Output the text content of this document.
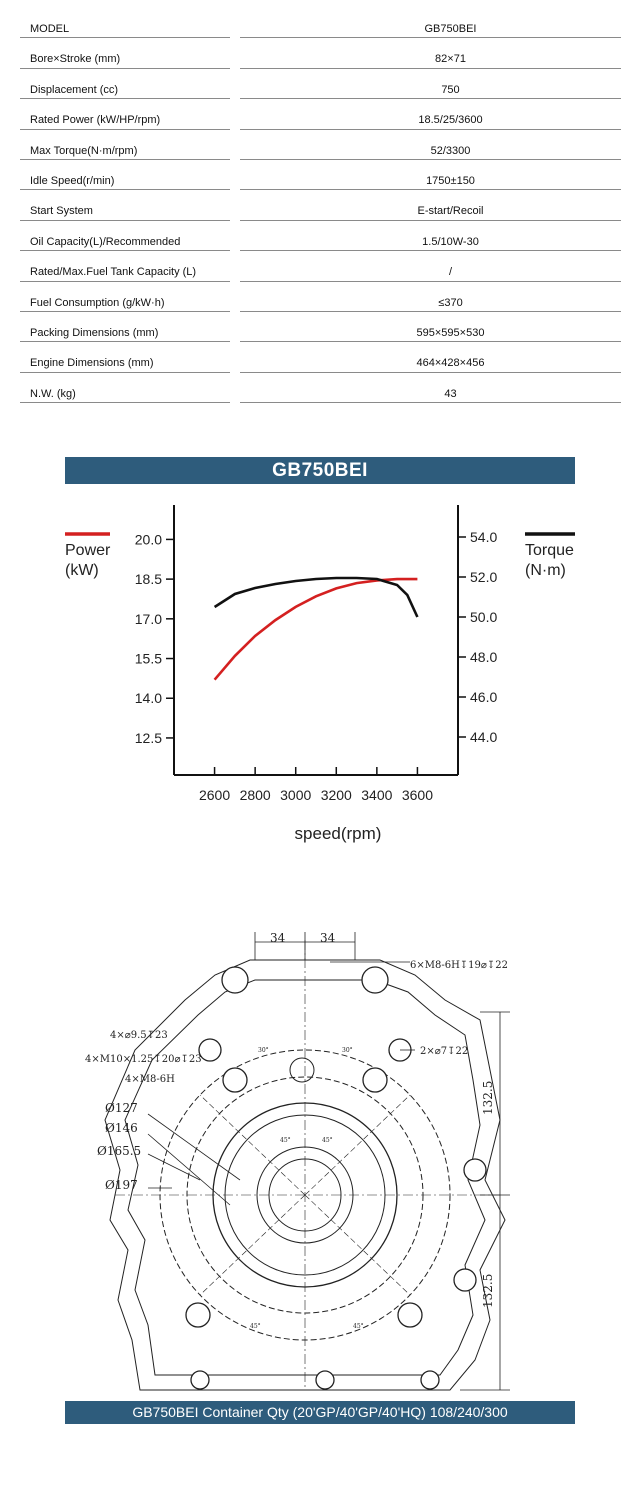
MODEL	GB750BEI
Bore×Stroke (mm)	82×71
Displacement (cc)	750
Rated Power (kW/HP/rpm)	18.5/25/3600
Max Torque(N·m/rpm)	52/3300
Idle Speed(r/min)	1750±150
Start System	E-start/Recoil
Oil Capacity(L)/Recommended	1.5/10W-30
Rated/Max.Fuel Tank Capacity (L)	/
Fuel Consumption (g/kW·h)	≤370
Packing Dimensions (mm)	595×595×530
Engine Dimensions (mm)	464×428×456
N.W. (kg)	43
GB750BEI
20.0
18.5
17.0
15.5
14.0
12.5
54.0
52.0
50.0
48.0
46.0
44.0
2600 2800 3000 3200 3400 3600
speed(rpm)
Power
(kW)
Torque
(N·m)
34	34
132.5
132.5
6×M8-6H↧19⌀↧22
4×⌀9.5↧23
4×M10×1.25↧20⌀↧23
4×M8-6H
2×⌀7↧22
Ø127
Ø146
Ø165.5
Ø197
30°	30°
45°	45°
45°	45°
GB750BEI Container Qty (20'GP/40'GP/40'HQ) 108/240/300
